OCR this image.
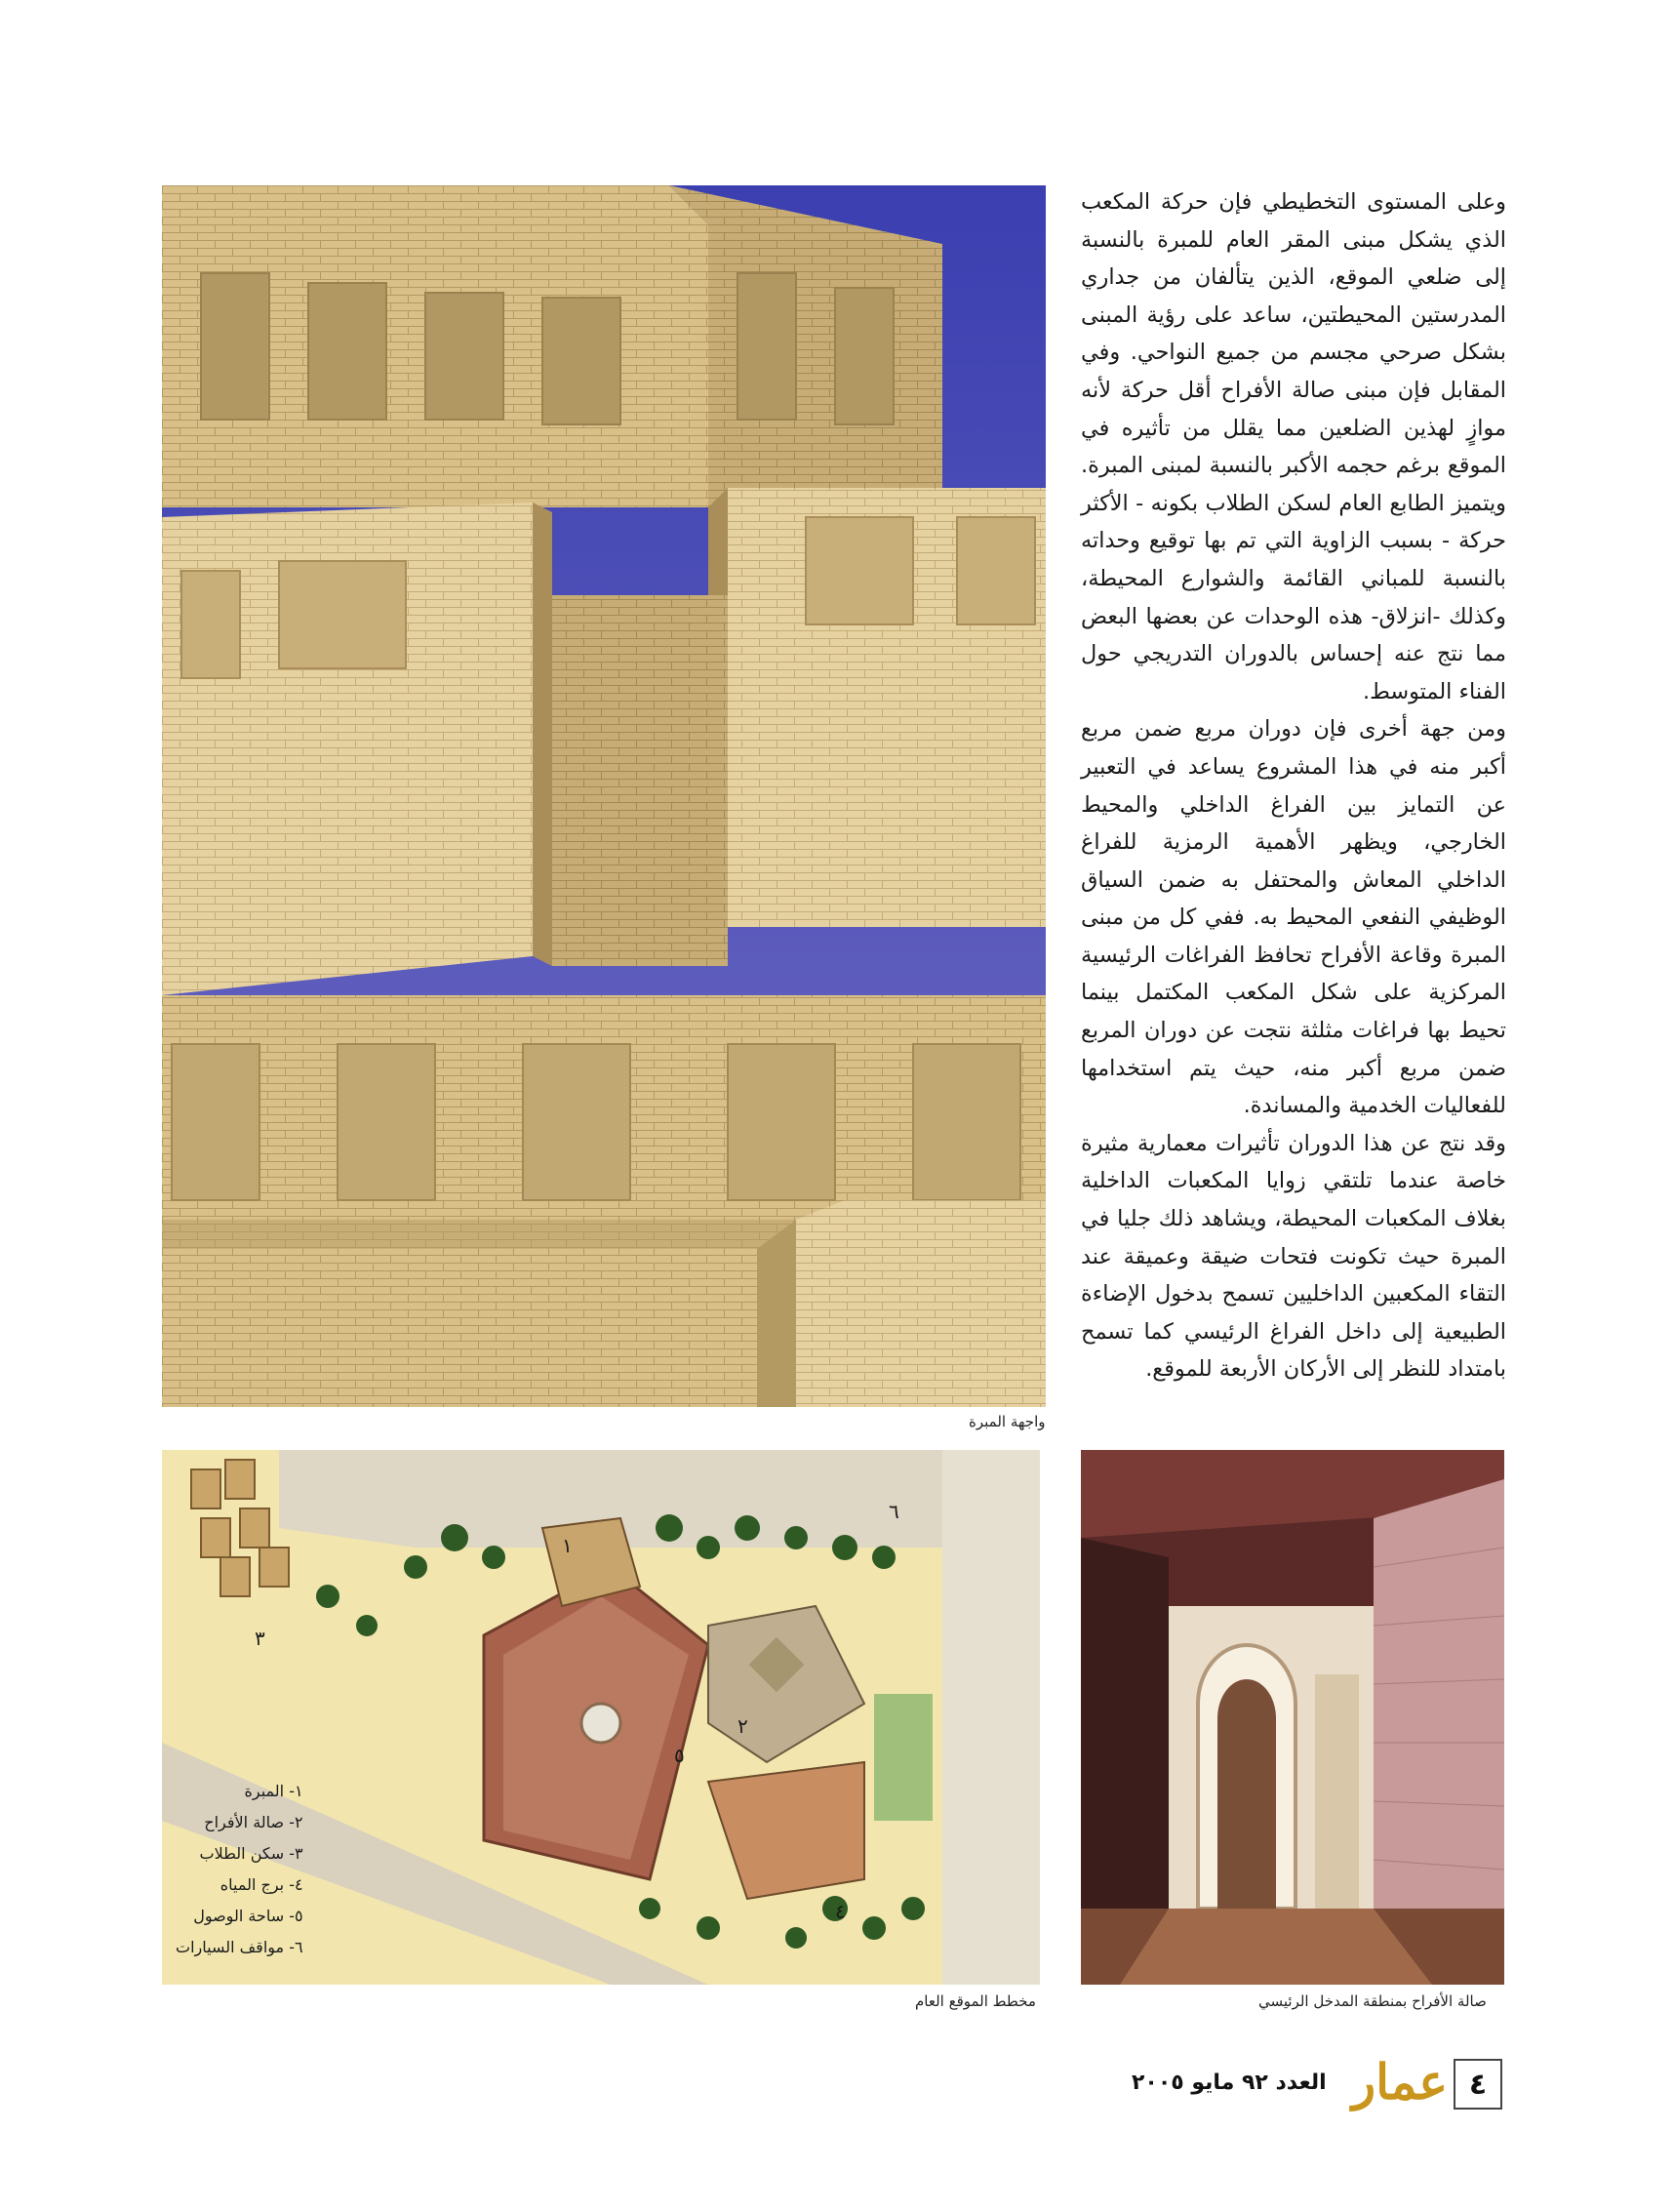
واجهة المبرة

وعلى المستوى التخطيطي فإن حركة المكعب الذي يشكل مبنى المقر العام للمبرة بالنسبة إلى ضلعي الموقع، الذين يتألفان من جداري المدرستين المحيطتين، ساعد على رؤية المبنى بشكل صرحي مجسم من جميع النواحي. وفي المقابل فإن مبنى صالة الأفراح أقل حركة لأنه موازٍ لهذين الضلعين مما يقلل من تأثيره في الموقع برغم حجمه الأكبر بالنسبة لمبنى المبرة. ويتميز الطابع العام لسكن الطلاب بكونه - الأكثر حركة - بسبب الزاوية التي تم بها توقيع وحداته بالنسبة للمباني القائمة والشوارع المحيطة، وكذلك -انزلاق- هذه الوحدات عن بعضها البعض مما نتج عنه إحساس بالدوران التدريجي حول الفناء المتوسط.

ومن جهة أخرى فإن دوران مربع ضمن مربع أكبر منه في هذا المشروع يساعد في التعبير عن التمايز بين الفراغ الداخلي والمحيط الخارجي، ويظهر الأهمية الرمزية للفراغ الداخلي المعاش والمحتفل به ضمن السياق الوظيفي النفعي المحيط به. ففي كل من مبنى المبرة وقاعة الأفراح تحافظ الفراغات الرئيسية المركزية على شكل المكعب المكتمل بينما تحيط بها فراغات مثلثة نتجت عن دوران المربع ضمن مربع أكبر منه، حيث يتم استخدامها للفعاليات الخدمية والمساندة.

وقد نتج عن هذا الدوران تأثيرات معمارية مثيرة خاصة عندما تلتقي زوايا المكعبات الداخلية بغلاف المكعبات المحيطة، ويشاهد ذلك جليا في المبرة حيث تكونت فتحات ضيقة وعميقة عند التقاء المكعبين الداخليين تسمح بدخول الإضاءة الطبيعية إلى داخل الفراغ الرئيسي كما تسمح بامتداد للنظر إلى الأركان الأربعة للموقع.

١
٢
٣
٤
٥
٦
١- المبرة
٢- صالة الأفراح
٣- سكن الطلاب
٤- برج المياه
٥- ساحة الوصول
٦- مواقف السيارات
مخطط الموقع العام	صالة الأفراح بمنطقة المدخل الرئيسي
٤
عمار
العدد ٩٢ مايو ٢٠٠٥
